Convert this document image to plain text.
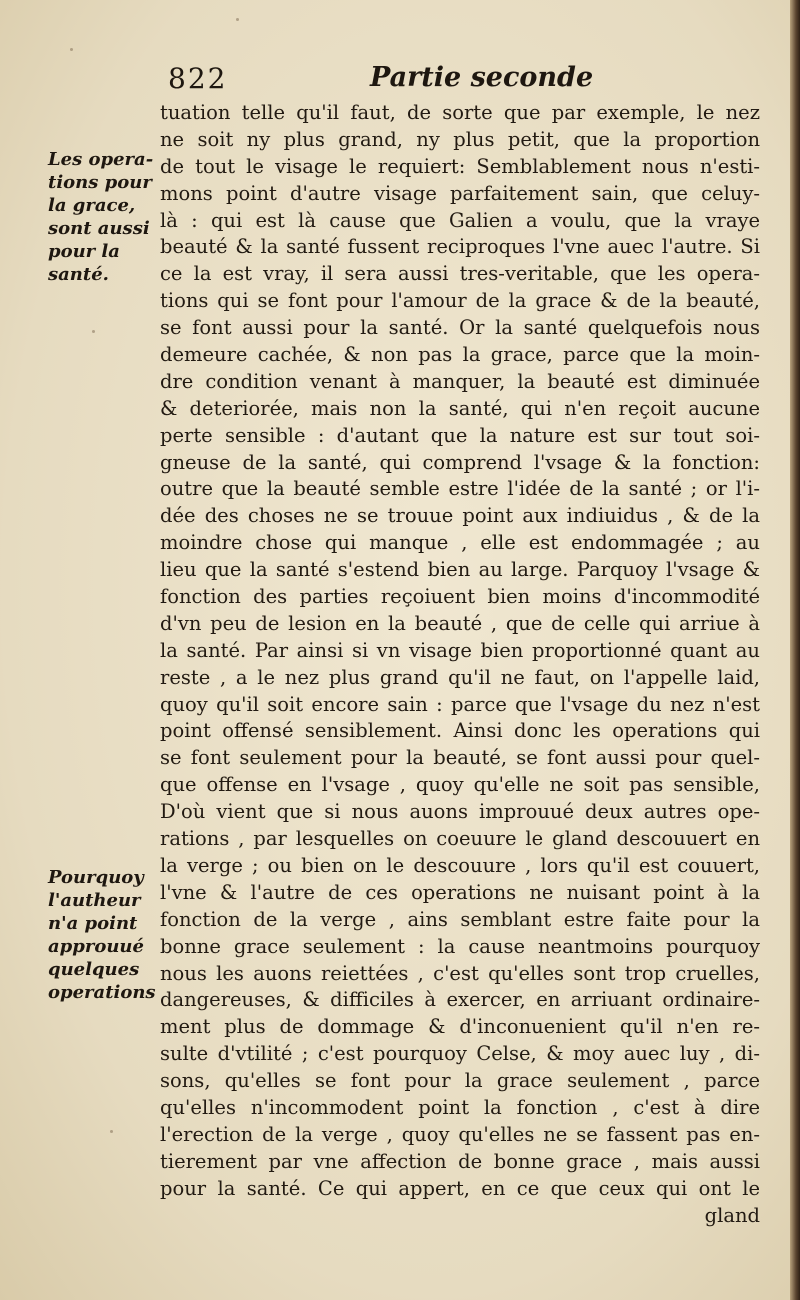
822	Partie seconde
Les opera-
tions pour
la grace,
sont aussi
pour la
santé.
Pourquoy
l'autheur
n'a point
approuué
quelques
operations
tuation telle qu'il faut, de sorte que par exemple, le nez
ne soit ny plus grand, ny plus petit, que la proportion
de tout le visage le requiert: Semblablement nous n'esti-
mons point d'autre visage parfaitement sain, que celuy-
là : qui est là cause que Galien a voulu, que la vraye
beauté & la santé fussent reciproques l'vne auec l'autre. Si
ce la est vray, il sera aussi tres-veritable, que les opera-
tions qui se font pour l'amour de la grace & de la beauté,
se font aussi pour la santé. Or la santé quelquefois nous
demeure cachée, & non pas la grace, parce que la moin-
dre condition venant à manquer, la beauté est diminuée
& deteriorée, mais non la santé, qui n'en reçoit aucune
perte sensible : d'autant que la nature est sur tout soi-
gneuse de la santé, qui comprend l'vsage & la fonction:
outre que la beauté semble estre l'idée de la santé ; or l'i-
dée des choses ne se trouue point aux indiuidus , & de la
moindre chose qui manque , elle est endommagée ; au
lieu que la santé s'estend bien au large. Parquoy l'vsage &
fonction des parties reçoiuent bien moins d'incommodité
d'vn peu de lesion en la beauté , que de celle qui arriue à
la santé. Par ainsi si vn visage bien proportionné quant au
reste , a le nez plus grand qu'il ne faut, on l'appelle laid,
quoy qu'il soit encore sain : parce que l'vsage du nez n'est
point offensé sensiblement. Ainsi donc les operations qui
se font seulement pour la beauté, se font aussi pour quel-
que offense en l'vsage , quoy qu'elle ne soit pas sensible,
D'où vient que si nous auons improuué deux autres ope-
rations , par lesquelles on coeuure le gland descouuert en
la verge ; ou bien on le descouure , lors qu'il est couuert,
l'vne & l'autre de ces operations ne nuisant point à la
fonction de la verge , ains semblant estre faite pour la
bonne grace seulement : la cause neantmoins pourquoy
nous les auons reiettées , c'est qu'elles sont trop cruelles,
dangereuses, & difficiles à exercer, en arriuant ordinaire-
ment plus de dommage & d'inconuenient qu'il n'en re-
sulte d'vtilité ; c'est pourquoy Celse, & moy auec luy , di-
sons, qu'elles se font pour la grace seulement , parce
qu'elles n'incommodent point la fonction , c'est à dire
l'erection de la verge , quoy qu'elles ne se fassent pas en-
tierement par vne affection de bonne grace , mais aussi
pour la santé. Ce qui appert, en ce que ceux qui ont le
gland
